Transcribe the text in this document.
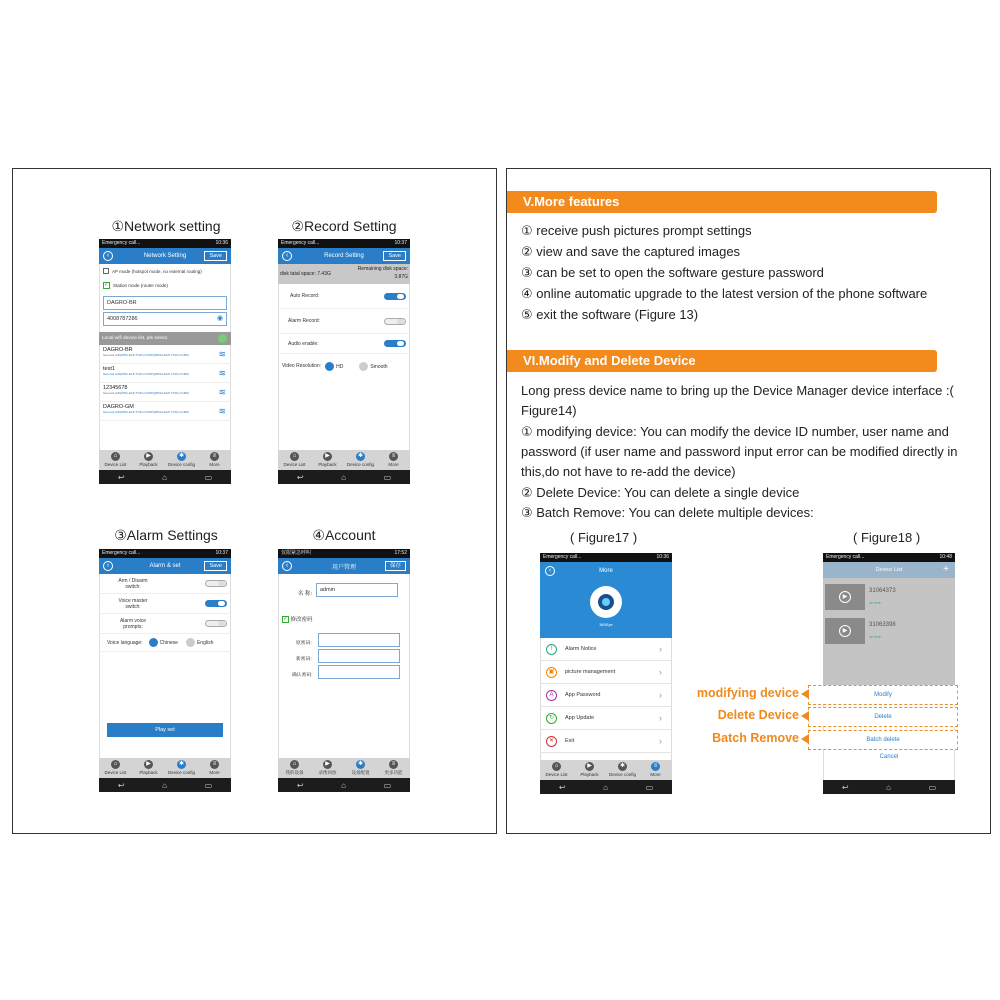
①Network setting
Emergency call...	10:36
‹	Network Setting	Save
AP mode (hotspot mode, no external routing)
✓ Station mode (router mode)
DAGRO-BR
4008787286	◉
Local wifi device list, pls select.
DAGRO-BR
Secured with[WPA-EAP-TKIP+CCMP][WPA2-EAP-TKIP+CCMP]	≋
test1
Secured with[WPA-EAP-TKIP+CCMP][WPA2-EAP-TKIP+CCMP]	≋
12345678
Secured with[WPA-EAP-TKIP+CCMP][WPA2-EAP-TKIP+CCMP]	≋
DAGRO-GM
Secured with[WPA-EAP-TKIP+CCMP][WPA2-EAP-TKIP+CCMP]	≋
⌂
Device List
▶
Playback
✱
Device config
≡
More
↩	⌂	▭
②Record Setting
Emergency call...	10:37
‹	Record Setting	Save
disk tatal space: 7.43G
Remaining disk space:
3.87G
Auto Record:
Alarm Record:
Audio enable:
Video Resolution:	HD	Smooth
⌂
Device List
▶
Playback
✱
Device config
≡
More
↩	⌂	▭
③Alarm Settings
Emergency call...	10:37
‹	Alarm & set	Save
Arm / Disarm switch:
Voice master switch:
Alarm voice prompts:
Voice language:	Chinese	English
Play set
⌂
Device List
▶
Playback
✱
Device config
≡
More
↩	⌂	▭
④Account
仅限紧急呼叫	17:52
‹	用户管理	保存
名 称:
admin
✓ 修改密码
原密码:
新密码:
确认密码:
⌂
我的设备
▶
录像回放
✱
设备配置
≡
更多功能
↩	⌂	▭
V.More features
① receive push pictures prompt settings
② view and save the captured images
③ can be set to open the software gesture password
④ online automatic upgrade to the latest version of the phone software
⑤ exit the software (Figure 13)
VI.Modify and Delete Device
Long press device name to bring up the Device Manager device interface :( Figure14)
① modifying device: You can modify the device ID number, user name and password (if user name and password input error can be modified directly in this,do not have to re-add the device)
② Delete Device: You can delete a single device
③ Batch Remove: You can delete multiple devices:
( Figure17 )	( Figure18 )
Emergency call...	10:36
‹	More
360Eye
!	Alarm Notice	›
▣	picture management	›
A	App Password	›
↻	App Update	›
✕	Exit	›
⌂
Device List
▶
Playback
✱
Device config
≡
More
↩	⌂	▭
Emergency call...	10:48
Device List	+
▶
31064373
on line
▶
31063398
on line
Cancel
↩	⌂	▭
Modify
Delete
Batch delete
modifying device
Delete Device
Batch Remove
